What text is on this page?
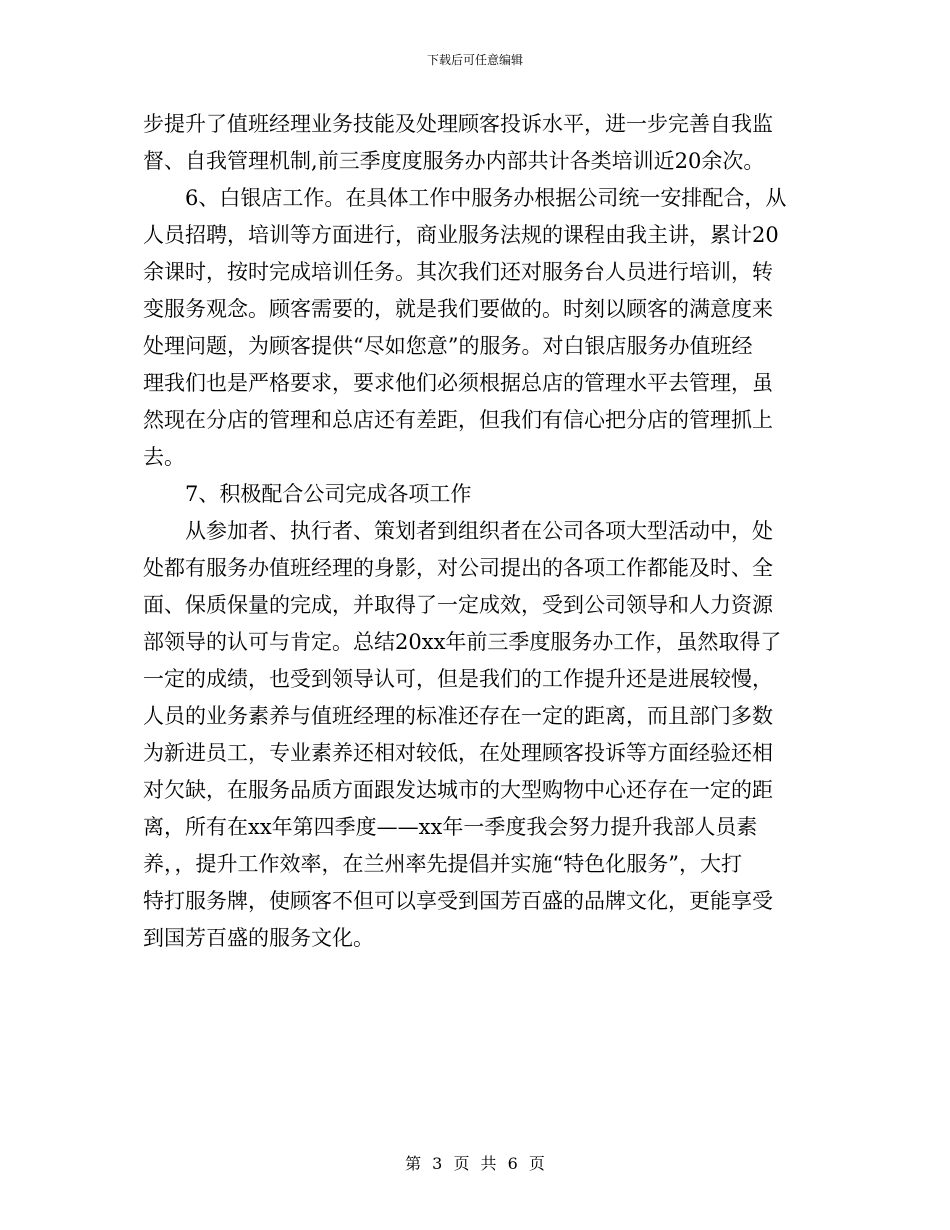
下载后可任意编辑
步提升了值班经理业务技能及处理顾客投诉水平，进一步完善自我监
督、自我管理机制,前三季度度服务办内部共计各类培训近20余次。
　　6、白银店工作。在具体工作中服务办根据公司统一安排配合，从
人员招聘，培训等方面进行，商业服务法规的课程由我主讲，累计20
余课时，按时完成培训任务。其次我们还对服务台人员进行培训，转
变服务观念。顾客需要的，就是我们要做的。时刻以顾客的满意度来
处理问题，为顾客提供“尽如您意”的服务。对白银店服务办值班经
理我们也是严格要求，要求他们必须根据总店的管理水平去管理，虽
然现在分店的管理和总店还有差距，但我们有信心把分店的管理抓上
去。
　　7、积极配合公司完成各项工作
　　从参加者、执行者、策划者到组织者在公司各项大型活动中，处
处都有服务办值班经理的身影，对公司提出的各项工作都能及时、全
面、保质保量的完成，并取得了一定成效，受到公司领导和人力资源
部领导的认可与肯定。总结20xx年前三季度服务办工作，虽然取得了
一定的成绩，也受到领导认可，但是我们的工作提升还是进展较慢，
人员的业务素养与值班经理的标准还存在一定的距离，而且部门多数
为新进员工，专业素养还相对较低，在处理顾客投诉等方面经验还相
对欠缺，在服务品质方面跟发达城市的大型购物中心还存在一定的距
离，所有在xx年第四季度——xx年一季度我会努力提升我部人员素
养，，提升工作效率，在兰州率先提倡并实施“特色化服务”，大打
特打服务牌，使顾客不但可以享受到国芳百盛的品牌文化，更能享受
到国芳百盛的服务文化。
第 3 页 共 6 页
